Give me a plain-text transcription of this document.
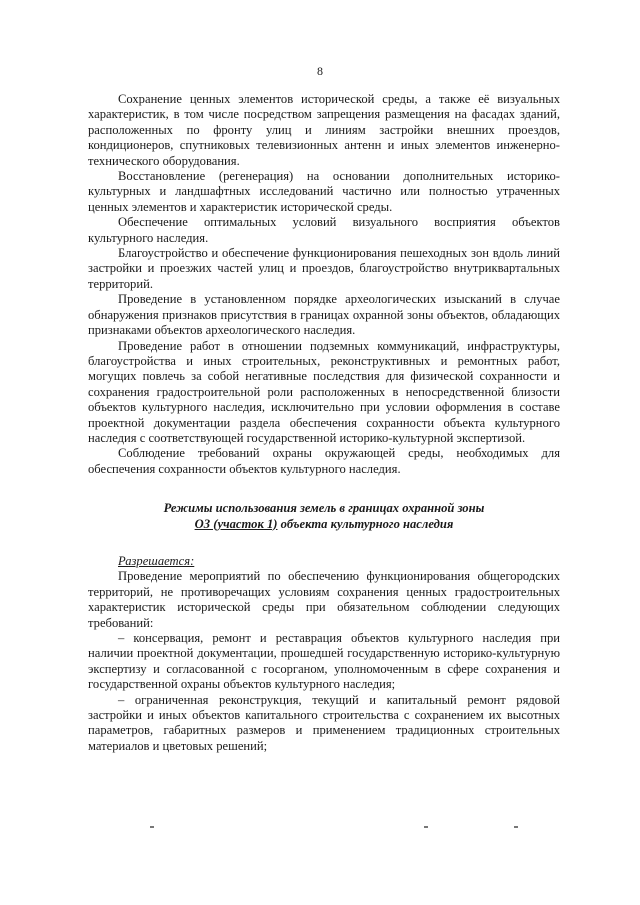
8

Сохранение ценных элементов исторической среды, а также её визуальных характеристик, в том числе посредством запрещения размещения на фасадах зданий, расположенных по фронту улиц и линиям застройки внешних проездов, кондиционеров, спутниковых телевизионных антенн и иных элементов инженерно-технического оборудования.

Восстановление (регенерация) на основании дополнительных историко-культурных и ландшафтных исследований частично или полностью утраченных ценных элементов и характеристик исторической среды.

Обеспечение оптимальных условий визуального восприятия объектов культурного наследия.

Благоустройство и обеспечение функционирования пешеходных зон вдоль линий застройки и проезжих частей улиц и проездов, благоустройство внутриквартальных территорий.

Проведение в установленном порядке археологических изысканий в случае обнаружения признаков присутствия в границах охранной зоны объектов, обладающих признаками объектов археологического наследия.

Проведение работ в отношении подземных коммуникаций, инфраструктуры, благоустройства и иных строительных, реконструктивных и ремонтных работ, могущих повлечь за собой негативные последствия для физической сохранности и сохранения градостроительной роли расположенных в непосредственной близости объектов культурного наследия, исключительно при условии оформления в составе проектной документации раздела обеспечения сохранности объекта культурного наследия с соответствующей государственной историко-культурной экспертизой.

Соблюдение требований охраны окружающей среды, необходимых для обеспечения сохранности объектов культурного наследия.

Режимы использования земель в границах охранной зоны

ОЗ (участок 1) объекта культурного наследия

Разрешается:

Проведение мероприятий по обеспечению функционирования общегородских территорий, не противоречащих условиям сохранения ценных градостроительных характеристик исторической среды при обязательном соблюдении следующих требований:

– консервация, ремонт и реставрация объектов культурного наследия при наличии проектной документации, прошедшей государственную историко-культурную экспертизу и согласованной с госорганом, уполномоченным в сфере сохранения и государственной охраны объектов культурного наследия;

– ограниченная реконструкция, текущий и капитальный ремонт рядовой застройки и иных объектов капитального строительства с сохранением их высотных параметров, габаритных размеров и применением традиционных строительных материалов и цветовых решений;
